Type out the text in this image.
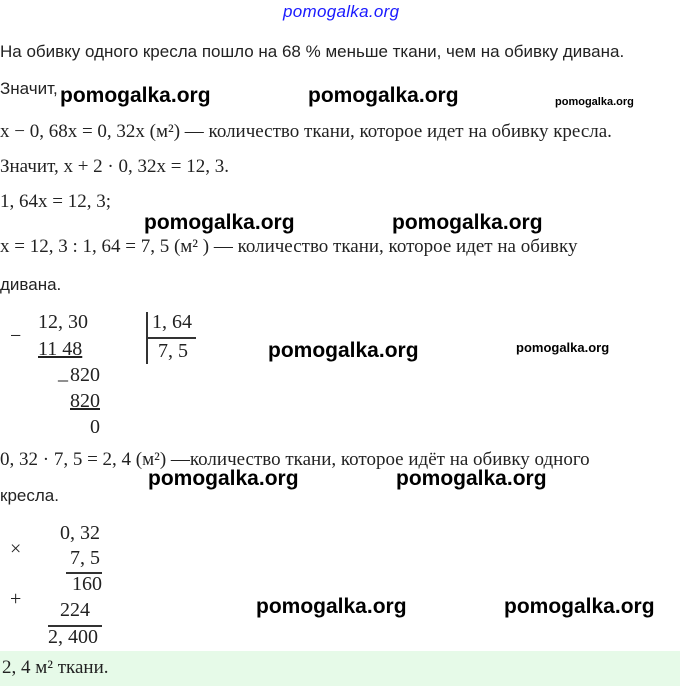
pomogalka.org
На обивку одного кресла пошло на 68 % меньше ткани, чем на обивку дивана.
Значит,
x − 0, 68x = 0, 32x (м²) — количество ткани, которое идет на обивку кресла.
Значит, x + 2 · 0, 32x = 12, 3.
1, 64x = 12, 3;
x = 12, 3 : 1, 64 = 7, 5 (м² ) — количество ткани, которое идет на обивку
дивана.
−
12, 30
11 48
_ 820
820
0
1, 64
7, 5
0, 32 · 7, 5 = 2, 4 (м²) —количество ткани, которое идёт на обивку одного
кресла.
×
0, 32
7, 5
160
+ 224
2, 400
2, 4 м² ткани.
pomogalka.org	pomogalka.org	pomogalka.org
pomogalka.org	pomogalka.org
pomogalka.org	pomogalka.org
pomogalka.org	pomogalka.org
pomogalka.org	pomogalka.org
